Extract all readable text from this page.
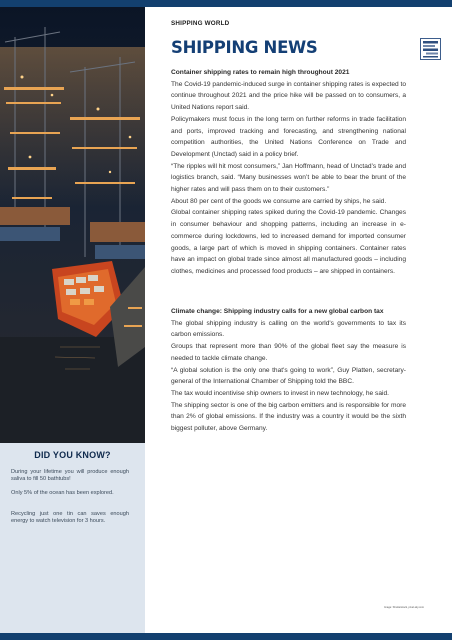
DID YOU KNOW?
During your lifetime you will produce enough saliva to fill 50 bathtubs!
Only 5% of the ocean has been explored.
Recycling just one tin can saves enough energy to watch television for 3 hours.
SHIPPING WORLD
SHIPPING NEWS
Container shipping rates to remain high throughout 2021

The Covid-19 pandemic-induced surge in container shipping rates is expected to continue throughout 2021 and the price hike will be passed on to consumers, a United Nations report said.

Policymakers must focus in the long term on further reforms in trade facilitation and ports, improved tracking and forecasting, and strengthening national competition authorities, the United Nations Conference on Trade and Development (Unctad) said in a policy brief.

“The ripples will hit most consumers,” Jan Hoffmann, head of Unctad’s trade and logistics branch, said. “Many businesses won’t be able to bear the brunt of the higher rates and will pass them on to their customers.”

About 80 per cent of the goods we consume are carried by ships, he said.

Global container shipping rates spiked during the Covid-19 pandemic. Changes in consumer behaviour and shopping patterns, including an increase in e-commerce during lockdowns, led to increased demand for imported consumer goods, a large part of which is moved in shipping containers. Container rates have an impact on global trade since almost all manufactured goods – including clothes, medicines and processed food products – are shipped in containers.

Climate change: Shipping industry calls for a new global carbon tax

The global shipping industry is calling on the world's governments to tax its carbon emissions.

Groups that represent more than 90% of the global fleet say the measure is needed to tackle climate change.

“A global solution is the only one that's going to work”, Guy Platten, secretary-general of the International Chamber of Shipping told the BBC.

The tax would incentivise ship owners to invest in new technology, he said.

The shipping sector is one of the big carbon emitters and is responsible for more than 2% of global emissions. If the industry was a country it would be the sixth biggest polluter, above Germany.

Image: Shutterstock, pixel-sky.com
